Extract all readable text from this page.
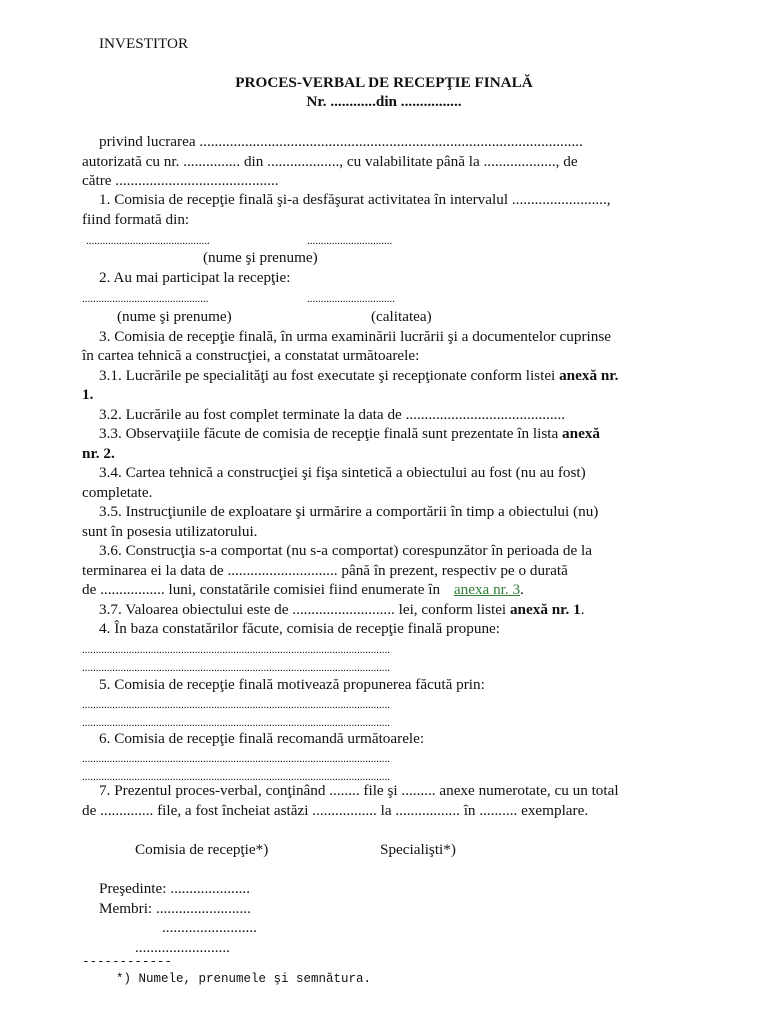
INVESTITOR
PROCES-VERBAL DE RECEPŢIE FINALĂ
Nr. ............din ................
privind lucrarea .....................................................................................................
autorizată cu nr. ............... din ..................., cu valabilitate până la ..................., de
către ...........................................
1. Comisia de recepţie finală şi-a desfăşurat activitatea în intervalul .........................,
fiind formată din:
.............................................	...............................
(nume şi prenume)
2. Au mai participat la recepţie:
..............................................	................................
(nume şi prenume)	(calitatea)
3. Comisia de recepţie finală, în urma examinării lucrării şi a documentelor cuprinse
în cartea tehnică a construcţiei, a constatat următoarele:
3.1. Lucrările pe specialităţi au fost executate şi recepţionate conform listei anexă nr.
1.
3.2. Lucrările au fost complet terminate la data de ..........................................
3.3. Observaţiile făcute de comisia de recepţie finală sunt prezentate în lista anexă
nr. 2.
3.4. Cartea tehnică a construcţiei şi fişa sintetică a obiectului au fost (nu au fost)
completate.
3.5. Instrucţiunile de exploatare şi urmărire a comportării în timp a obiectului (nu)
sunt în posesia utilizatorului.
3.6. Construcţia s-a comportat (nu s-a comportat) corespunzător în perioada de la
terminarea ei la data de ............................. până în prezent, respectiv pe o durată
de ................. luni, constatările comisiei fiind enumerate în anexa nr. 3.
3.7. Valoarea obiectului este de ........................... lei, conform listei anexă nr. 1.
4. În baza constatărilor făcute, comisia de recepţie finală propune:
................................................................................................................
................................................................................................................
5. Comisia de recepţie finală motivează propunerea făcută prin:
................................................................................................................
................................................................................................................
6. Comisia de recepţie finală recomandă următoarele:
................................................................................................................
................................................................................................................
7. Prezentul proces-verbal, conţinând ........ file şi ......... anexe numerotate, cu un total
de .............. file, a fost încheiat astăzi ................. la ................. în .......... exemplare.
Comisia de recepţie*)	Specialişti*)
Preşedinte: .....................
Membri: .........................
.........................
.........................
------------
*) Numele, prenumele şi semnătura.
